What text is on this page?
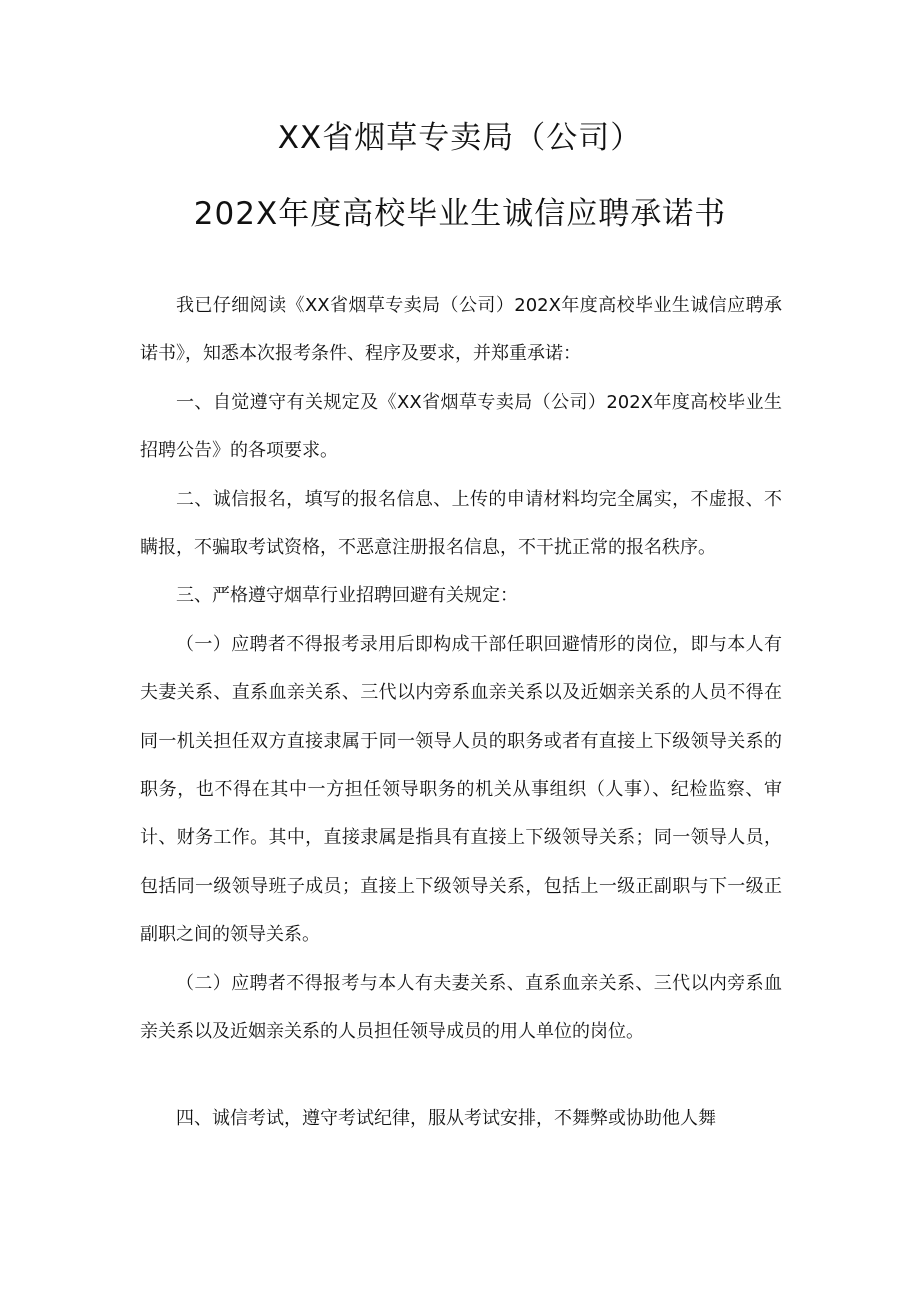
XX省烟草专卖局（公司）
202X年度高校毕业生诚信应聘承诺书

我已仔细阅读《XX省烟草专卖局（公司）202X年度高校毕业生诚信应聘承诺书》，知悉本次报考条件、程序及要求，并郑重承诺：

一、自觉遵守有关规定及《XX省烟草专卖局（公司）202X年度高校毕业生招聘公告》的各项要求。

二、诚信报名，填写的报名信息、上传的申请材料均完全属实，不虚报、不瞒报，不骗取考试资格，不恶意注册报名信息，不干扰正常的报名秩序。

三、严格遵守烟草行业招聘回避有关规定：

（一）应聘者不得报考录用后即构成干部任职回避情形的岗位，即与本人有夫妻关系、直系血亲关系、三代以内旁系血亲关系以及近姻亲关系的人员不得在同一机关担任双方直接隶属于同一领导人员的职务或者有直接上下级领导关系的职务，也不得在其中一方担任领导职务的机关从事组织（人事）、纪检监察、审计、财务工作。其中，直接隶属是指具有直接上下级领导关系；同一领导人员，包括同一级领导班子成员；直接上下级领导关系，包括上一级正副职与下一级正副职之间的领导关系。

（二）应聘者不得报考与本人有夫妻关系、直系血亲关系、三代以内旁系血亲关系以及近姻亲关系的人员担任领导成员的用人单位的岗位。

四、诚信考试，遵守考试纪律，服从考试安排，不舞弊或协助他人舞
